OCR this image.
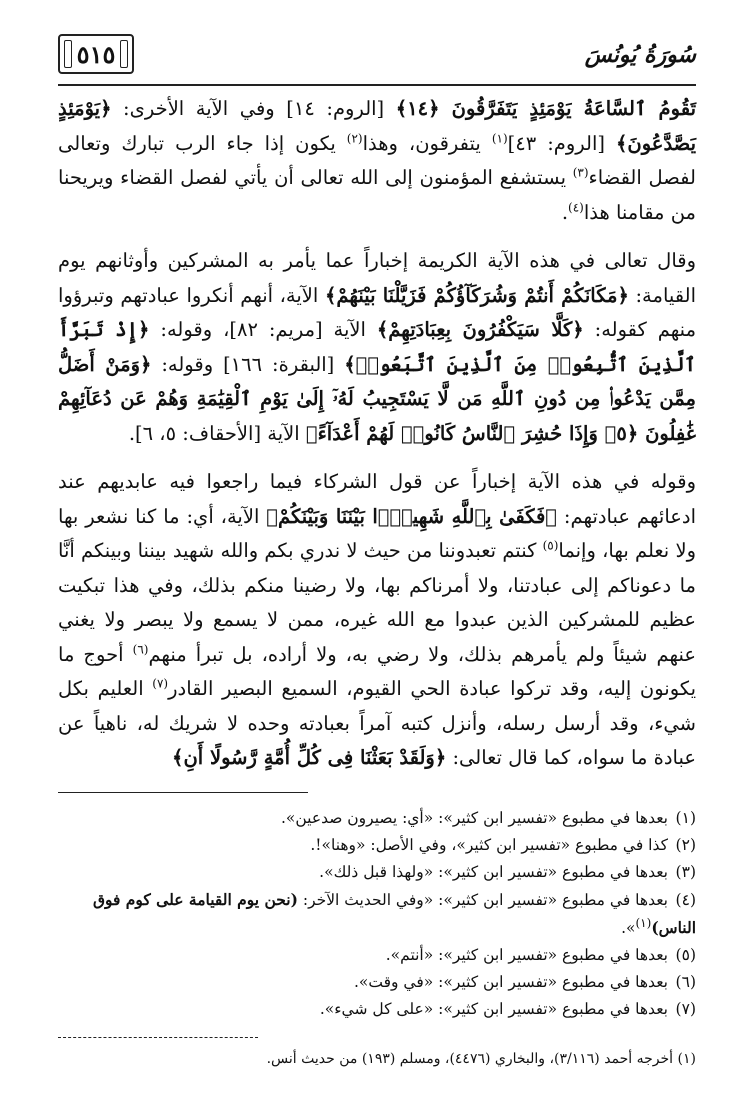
سُورَةُ يُونُسَ
٥١٥

تَقُومُ ٱلسَّاعَةُ يَوْمَئِذٍ يَتَفَرَّقُونَ ﴿١٤﴾ [الروم: ١٤] وفي الآية الأخرى: ﴿يَوْمَئِذٍ يَصَّدَّعُونَ﴾ [الروم: ٤٣]$^{(١)}$ يتفرقون، وهذا$^{(٢)}$ يكون إذا جاء الرب تبارك وتعالى لفصل القضاء$^{(٣)}$ يستشفع المؤمنون إلى الله تعالى أن يأتي لفصل القضاء ويريحنا من مقامنا هذا$^{(٤)}$.

وقال تعالى في هذه الآية الكريمة إخباراً عما يأمر به المشركين وأوثانهم يوم القيامة: ﴿مَكَانَكُمْ أَنتُمْ وَشُرَكَآؤُكُمْ فَزَيَّلْنَا بَيْنَهُمْ﴾ الآية، أنهم أنكروا عبادتهم وتبرؤوا منهم كقوله: ﴿كَلَّا سَيَكْفُرُونَ بِعِبَادَتِهِمْ﴾ الآية [مريم: ٨٢]، وقوله: ﴿إِذْ تَبَرَّأَ ٱلَّذِينَ ٱتُّبِعُوا۟ مِنَ ٱلَّذِينَ ٱتَّبَعُوا۟﴾ [البقرة: ١٦٦] وقوله: ﴿وَمَنْ أَضَلُّ مِمَّن يَدْعُوا۟ مِن دُونِ ٱللَّهِ مَن لَّا يَسْتَجِيبُ لَهُۥٓ إِلَىٰ يَوْمِ ٱلْقِيَٰمَةِ وَهُمْ عَن دُعَآئِهِمْ غَٰفِلُونَ ﴿٥﴾ وَإِذَا حُشِرَ ٱلنَّاسُ كَانُوا۟ لَهُمْ أَعْدَآءً﴾ الآية [الأحقاف: ٥، ٦].

وقوله في هذه الآية إخباراً عن قول الشركاء فيما راجعوا فيه عابديهم عند ادعائهم عبادتهم: ﴿فَكَفَىٰ بِٱللَّهِ شَهِيدًۢا بَيْنَنَا وَبَيْنَكُمْ﴾ الآية، أي: ما كنا نشعر بها ولا نعلم بها، وإنما$^{(٥)}$ كنتم تعبدوننا من حيث لا ندري بكم والله شهيد بيننا وبينكم أنَّا ما دعوناكم إلى عبادتنا، ولا أمرناكم بها، ولا رضينا منكم بذلك، وفي هذا تبكيت عظيم للمشركين الذين عبدوا مع الله غيره، ممن لا يسمع ولا يبصر ولا يغني عنهم شيئاً ولم يأمرهم بذلك، ولا رضي به، ولا أراده، بل تبرأ منهم$^{(٦)}$ أحوج ما يكونون إليه، وقد تركوا عبادة الحي القيوم، السميع البصير القادر$^{(٧)}$ العليم بكل شيء، وقد أرسل رسله، وأنزل كتبه آمراً بعبادته وحده لا شريك له، ناهياً عن عبادة ما سواه، كما قال تعالى: ﴿وَلَقَدْ بَعَثْنَا فِى كُلِّ أُمَّةٍ رَّسُولًا أَنِ﴾

(١)بعدها في مطبوع «تفسير ابن كثير»: «أي: يصيرون صدعين».

(٢)كذا في مطبوع «تفسير ابن كثير»، وفي الأصل: «وهنا»!.

(٣)بعدها في مطبوع «تفسير ابن كثير»: «ولهذا قبل ذلك».

(٤)بعدها في مطبوع «تفسير ابن كثير»: «وفي الحديث الآخر: (نحن يوم القيامة على كوم فوق الناس)$^{(١)}$».

(٥)بعدها في مطبوع «تفسير ابن كثير»: «أنتم».

(٦)بعدها في مطبوع «تفسير ابن كثير»: «في وقت».

(٧)بعدها في مطبوع «تفسير ابن كثير»: «على كل شيء».

(١) أخرجه أحمد (٣/١١٦)، والبخاري (٤٤٧٦)، ومسلم (١٩٣) من حديث أنس.
